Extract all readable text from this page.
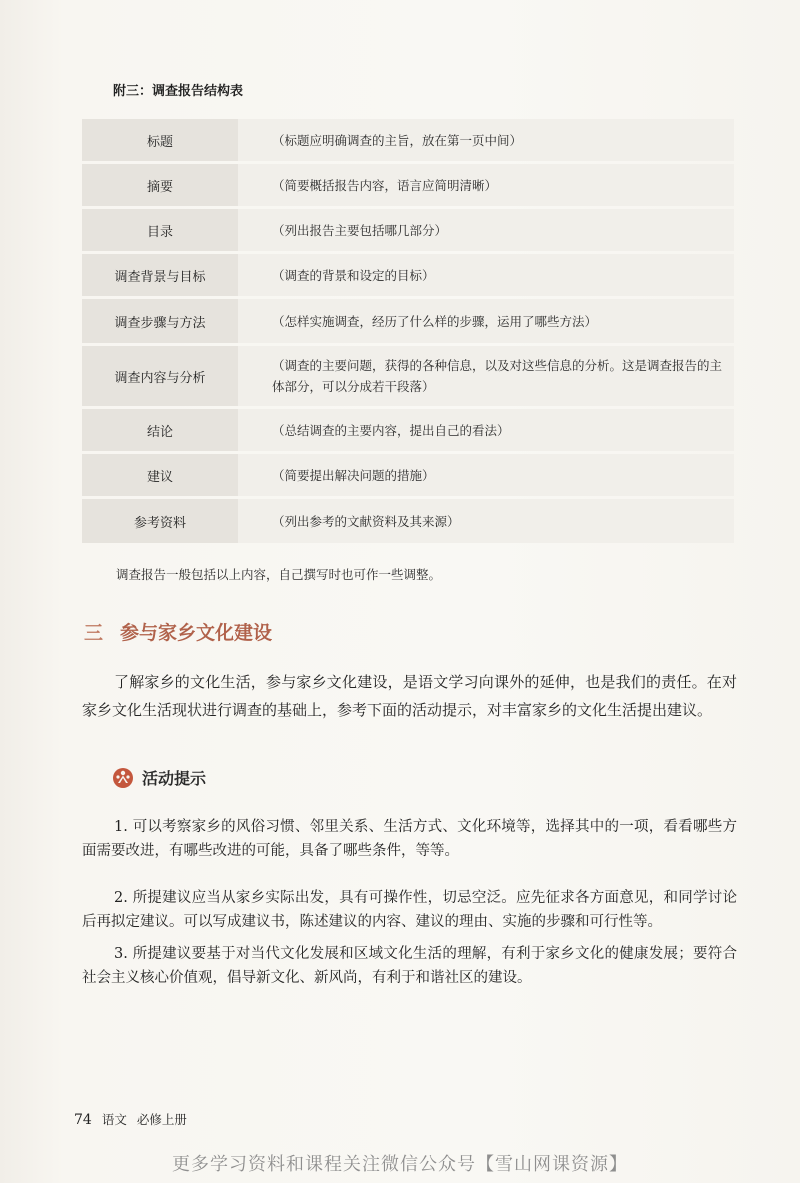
附三：调查报告结构表
标题	（标题应明确调查的主旨，放在第一页中间）
摘要	（简要概括报告内容，语言应简明清晰）
目录	（列出报告主要包括哪几部分）
调查背景与目标	（调查的背景和设定的目标）
调查步骤与方法	（怎样实施调查，经历了什么样的步骤，运用了哪些方法）
调查内容与分析	（调查的主要问题，获得的各种信息，以及对这些信息的分析。这是调查报告的主体部分，可以分成若干段落）
结论	（总结调查的主要内容，提出自己的看法）
建议	（简要提出解决问题的措施）
参考资料	（列出参考的文献资料及其来源）

调查报告一般包括以上内容，自己撰写时也可作一些调整。

三 参与家乡文化建设

了解家乡的文化生活，参与家乡文化建设，是语文学习向课外的延伸，也是我们的责任。在对家乡文化生活现状进行调查的基础上，参考下面的活动提示，对丰富家乡的文化生活提出建议。

活动提示

1. 可以考察家乡的风俗习惯、邻里关系、生活方式、文化环境等，选择其中的一项，看看哪些方面需要改进，有哪些改进的可能，具备了哪些条件，等等。

2. 所提建议应当从家乡实际出发，具有可操作性，切忌空泛。应先征求各方面意见，和同学讨论后再拟定建议。可以写成建议书，陈述建议的内容、建议的理由、实施的步骤和可行性等。

3. 所提建议要基于对当代文化发展和区域文化生活的理解，有利于家乡文化的健康发展；要符合社会主义核心价值观，倡导新文化、新风尚，有利于和谐社区的建设。

74 语文 必修上册
更多学习资料和课程关注微信公众号【雪山网课资源】
